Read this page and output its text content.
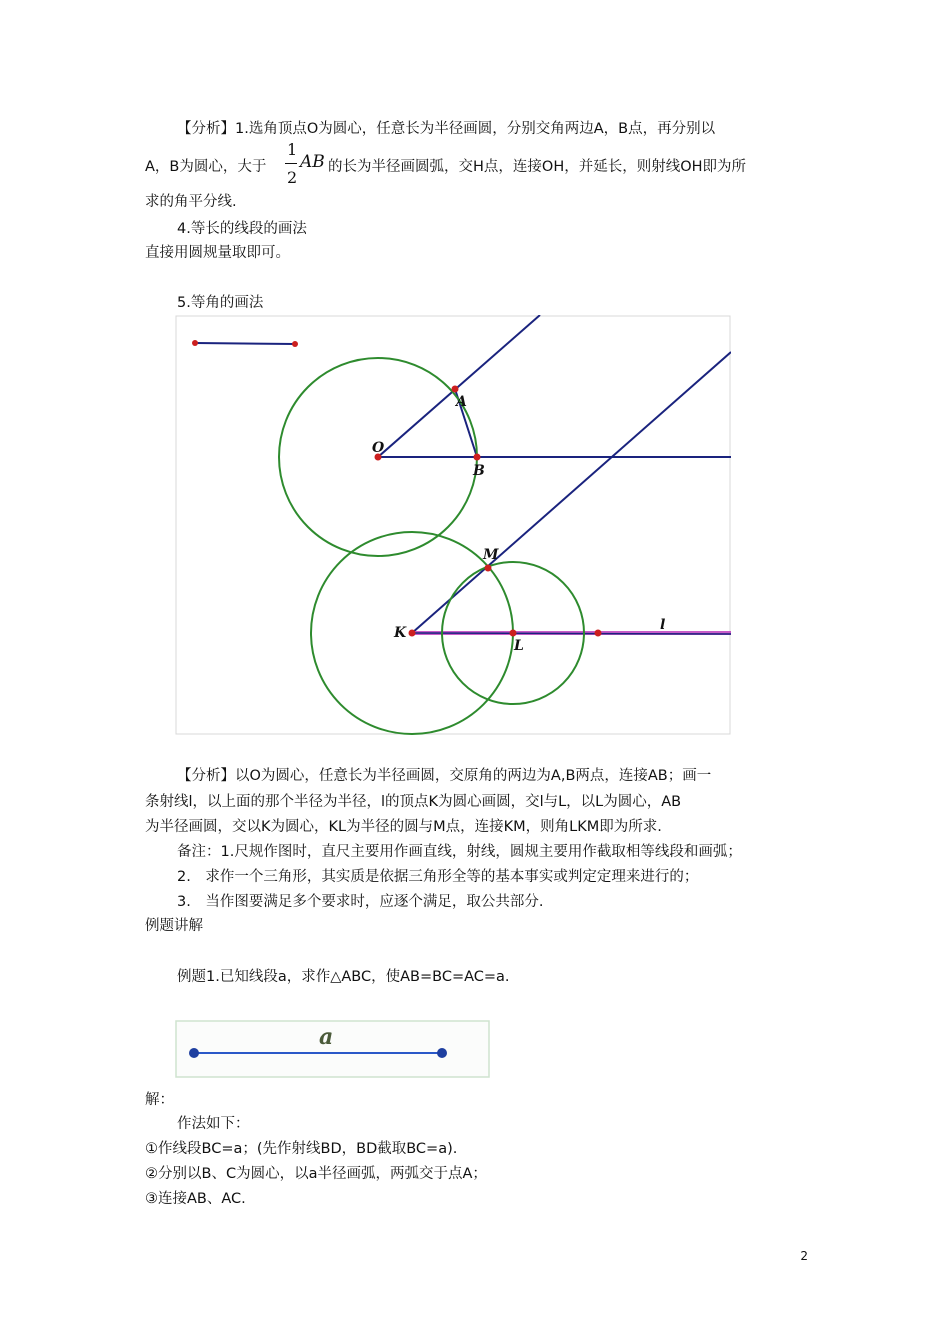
【分析】1.选角顶点O为圆心，任意长为半径画圆，分别交角两边A，B点，再分别以
A，B为圆心，大于
1
2
AB 的长为半径画圆弧，交H点，连接OH，并延长，则射线OH即为所
求的角平分线.
4.等长的线段的画法
直接用圆规量取即可。
5.等角的画法
O
A
B
M
K
L
l
【分析】以O为圆心，任意长为半径画圆，交原角的两边为A,B两点，连接AB；画一
条射线l，以上面的那个半径为半径，l的顶点K为圆心画圆，交l与L，以L为圆心，AB
为半径画圆，交以K为圆心，KL为半径的圆与M点，连接KM，则角LKM即为所求.
备注：1.尺规作图时，直尺主要用作画直线，射线，圆规主要用作截取相等线段和画弧；
2.　求作一个三角形，其实质是依据三角形全等的基本事实或判定定理来进行的；
3.　当作图要满足多个要求时，应逐个满足，取公共部分.
例题讲解
例题1.已知线段a，求作△ABC，使AB=BC=AC=a.
a
解：
作法如下：
①作线段BC=a；(先作射线BD，BD截取BC=a).
②分别以B、C为圆心，以a半径画弧，两弧交于点A；
③连接AB、AC.
2
